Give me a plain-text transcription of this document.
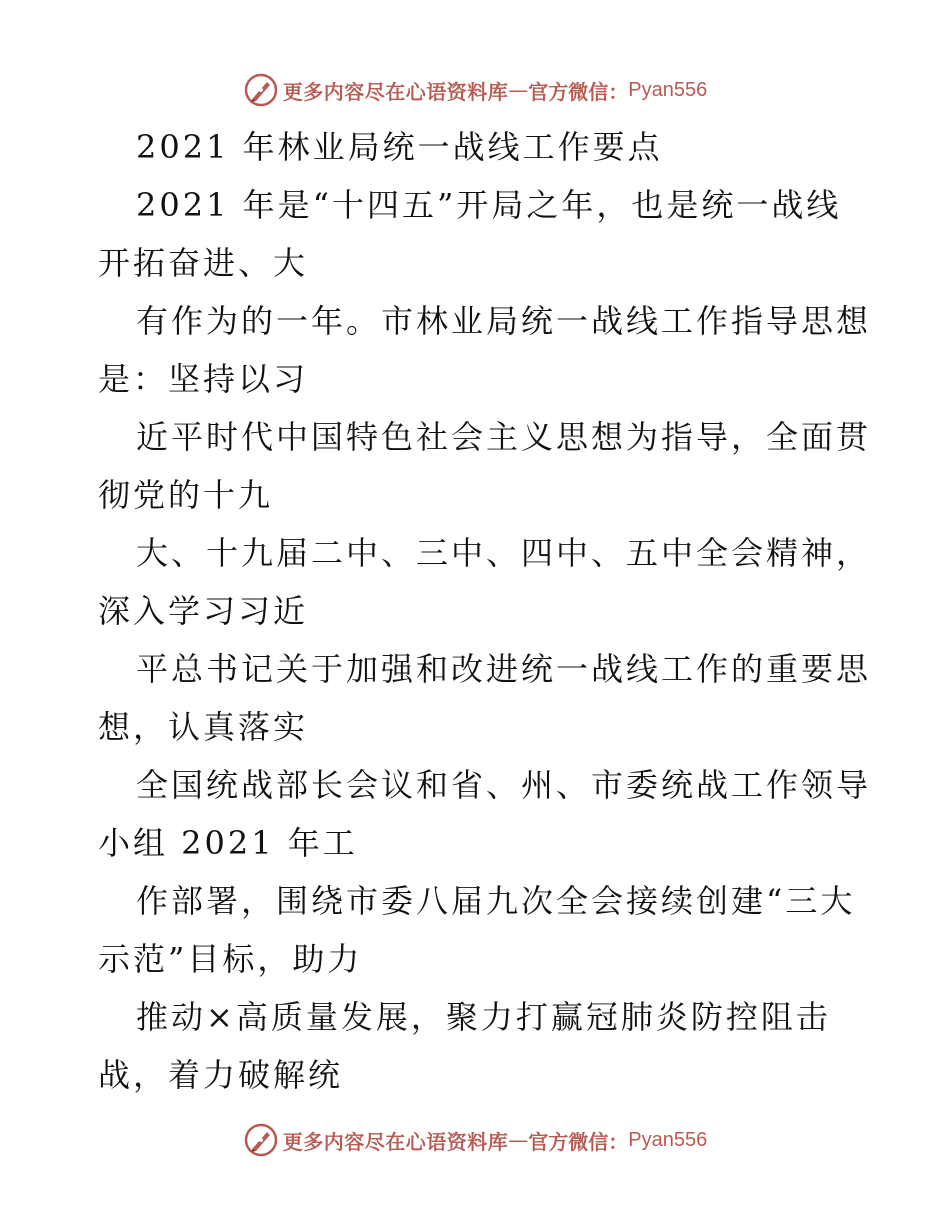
更多内容尽在心语资料库 — 官方微信： Pyan556
2021 年林业局统一战线工作要点
2021 年是“十四五”开局之年，也是统一战线
开拓奋进、大
有作为的一年。市林业局统一战线工作指导思想
是：坚持以习
近平时代中国特色社会主义思想为指导，全面贯
彻党的十九
大、十九届二中、三中、四中、五中全会精神，
深入学习习近
平总书记关于加强和改进统一战线工作的重要思
想，认真落实
全国统战部长会议和省、州、市委统战工作领导
小组 2021 年工
作部署，围绕市委八届九次全会接续创建“三大
示范”目标，助力
推动×高质量发展，聚力打赢冠肺炎防控阻击
战，着力破解统
更多内容尽在心语资料库 — 官方微信： Pyan556
